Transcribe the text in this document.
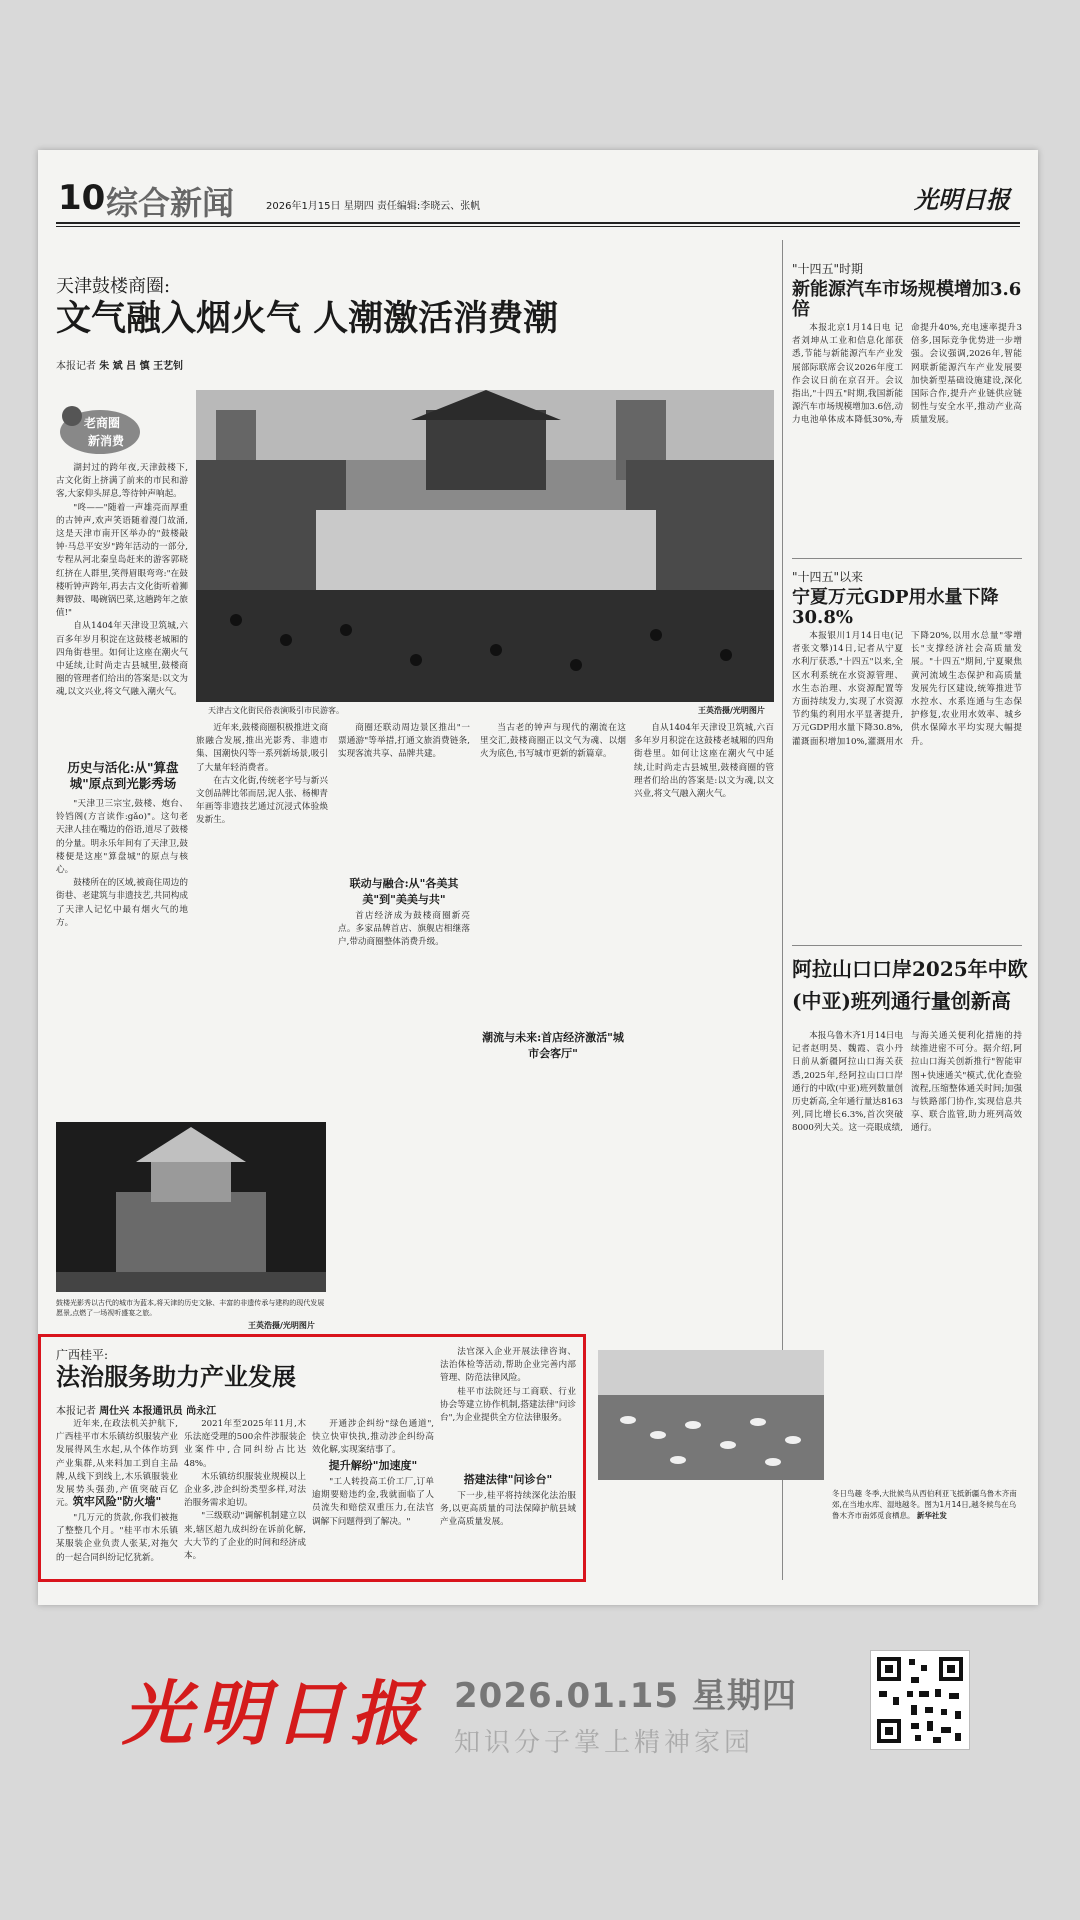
10 综合新闻	2026年1月15日 星期四 责任编辑:李晓云、张帆	光明日报
天津鼓楼商圈:
文气融入烟火气 人潮激活消费潮
本报记者 朱 斌 吕 慎 王艺钊
老商圈
新消费
天津古文化街民俗表演吸引市民游客。	王英浩摄/光明图片

湖封过的跨年夜,天津鼓楼下,古文化街上挤满了前来的市民和游客,大家仰头屏息,等待钟声响起。

"咚——"随着一声雄亮而厚重的古钟声,欢声笑语随着漫门故涌,这是天津市南开区举办的"鼓楼敲钟·马总平安岁"跨年活动的一部分,专程从河北秦皇岛赶来的游客郭晓红挤在人群里,笑得眉眼弯弯:"在鼓楼听钟声跨年,再去古文化街听着狮舞锣鼓、喝碗锅巴菜,这趟跨年之旅值!"

自从1404年天津设卫筑城,六百多年岁月积淀在这鼓楼老城厢的四角街巷里。如何让这座在潮火气中延续,让时尚走古县城里,鼓楼商圈的管理者们给出的答案是:以文为魂,以文兴业,将文气融入潮火气。

历史与活化:从"算盘城"原点到光影秀场

"天津卫三宗宝,鼓楼、炮台、铃铛阁(方言读作:gǎo)"。这句老天津人挂在嘴边的俗语,道尽了鼓楼的分量。明永乐年间有了天津卫,鼓楼便是这座"算盘城"的原点与核心。

鼓楼所在的区域,被商住周边的街巷、老建筑与非遗技艺,共同构成了天津人记忆中最有烟火气的地方。

近年来,鼓楼商圈积极推进文商旅融合发展,推出光影秀、非遗市集、国潮快闪等一系列新场景,吸引了大量年轻消费者。

在古文化街,传统老字号与新兴文创品牌比邻而居,泥人张、杨柳青年画等非遗技艺通过沉浸式体验焕发新生。

商圈还联动周边景区推出"一票通游"等举措,打通文旅消费链条,实现客流共享、品牌共建。

联动与融合:从"各美其美"到"美美与共"

首店经济成为鼓楼商圈新亮点。多家品牌首店、旗舰店相继落户,带动商圈整体消费升级。

当古老的钟声与现代的潮流在这里交汇,鼓楼商圈正以文气为魂、以烟火为底色,书写城市更新的新篇章。

潮流与未来:首店经济激活"城市会客厅"

自从1404年天津设卫筑城,六百多年岁月积淀在这鼓楼老城厢的四角街巷里。如何让这座在潮火气中延续,让时尚走古县城里,鼓楼商圈的管理者们给出的答案是:以文为魂,以文兴业,将文气融入潮火气。

鼓楼光影秀以古代的城市为蓝本,将天津的历史文脉、丰富的非遗传承与建构的现代发展愿景,点燃了一场视听盛宴之旅。
王英浩摄/光明图片
"十四五"时期
新能源汽车市场规模增加3.6倍
本报北京1月14日电 记者刘坤从工业和信息化部获悉,节能与新能源汽车产业发展部际联席会议2026年度工作会议日前在京召开。会议指出,"十四五"时期,我国新能源汽车市场规模增加3.6倍,动力电池单体成本降低30%,寿命提升40%,充电速率提升3倍多,国际竞争优势进一步增强。会议强调,2026年,智能网联新能源汽车产业发展要加快新型基础设施建设,深化国际合作,提升产业链供应链韧性与安全水平,推动产业高质量发展。
"十四五"以来
宁夏万元GDP用水量下降30.8%
本报银川1月14日电(记者张文攀)14日,记者从宁夏水利厅获悉,"十四五"以来,全区水利系统在水资源管理、水生态治理、水资源配置等方面持续发力,实现了水资源节约集约利用水平显著提升,万元GDP用水量下降30.8%,灌溉面积增加10%,灌溉用水下降20%,以用水总量"零增长"支撑经济社会高质量发展。"十四五"期间,宁夏聚焦黄河流域生态保护和高质量发展先行区建设,统筹推进节水控水、水系连通与生态保护修复,农业用水效率、城乡供水保障水平均实现大幅提升。
阿拉山口口岸2025年中欧
(中亚)班列通行量创新高
本报乌鲁木齐1月14日电 记者赵明昊、魏霞、袁小丹日前从新疆阿拉山口海关获悉,2025年,经阿拉山口口岸通行的中欧(中亚)班列数量创历史新高,全年通行量达8163列,同比增长6.3%,首次突破8000列大关。这一亮眼成绩,与海关通关便利化措施的持续推进密不可分。据介绍,阿拉山口海关创新推行"智能审图+快速通关"模式,优化查验流程,压缩整体通关时间;加强与铁路部门协作,实现信息共享、联合监管,助力班列高效通行。
冬日鸟趣 冬季,大批候鸟从西伯利亚飞抵新疆乌鲁木齐南郊,在当地水库、湿地越冬。图为1月14日,越冬候鸟在乌鲁木齐市南郊觅食栖息。 新华社发
广西桂平:
法治服务助力产业发展
本报记者 周仕兴 本报通讯员 尚永江

近年来,在政法机关护航下,广西桂平市木乐镇纺织服装产业发展得风生水起,从个体作坊到产业集群,从来料加工到自主品牌,从线下到线上,木乐镇服装业发展势头强劲,产值突破百亿元。 筑牢风险"防火墙"

"几万元的货款,你我们被拖了整整几个月。"桂平市木乐镇某服装企业负责人张某,对拖欠的一起合同纠纷记忆犹新。

2021年至2025年11月,木乐法庭受理的500余件涉服装企业案件中,合同纠纷占比达48%。

木乐镇纺织服装业规模以上企业多,涉企纠纷类型多样,对法治服务需求迫切。

"三级联动"调解机制建立以来,辖区超九成纠纷在诉前化解,大大节约了企业的时间和经济成本。

开通涉企纠纷"绿色通道",快立快审快执,推动涉企纠纷高效化解,实现案结事了。

提升解纷"加速度"

"工人转投高工价工厂,订单逾期要赔违约金,我就面临了人员流失和赔偿双重压力,在法官调解下问题得到了解决。"

法官深入企业开展法律咨询、法治体检等活动,帮助企业完善内部管理、防范法律风险。

桂平市法院还与工商联、行业协会等建立协作机制,搭建法律"问诊台",为企业提供全方位法律服务。

搭建法律"问诊台"

下一步,桂平将持续深化法治服务,以更高质量的司法保障护航县域产业高质量发展。

光明日报 2026.01.15 星期四
知识分子掌上精神家园
